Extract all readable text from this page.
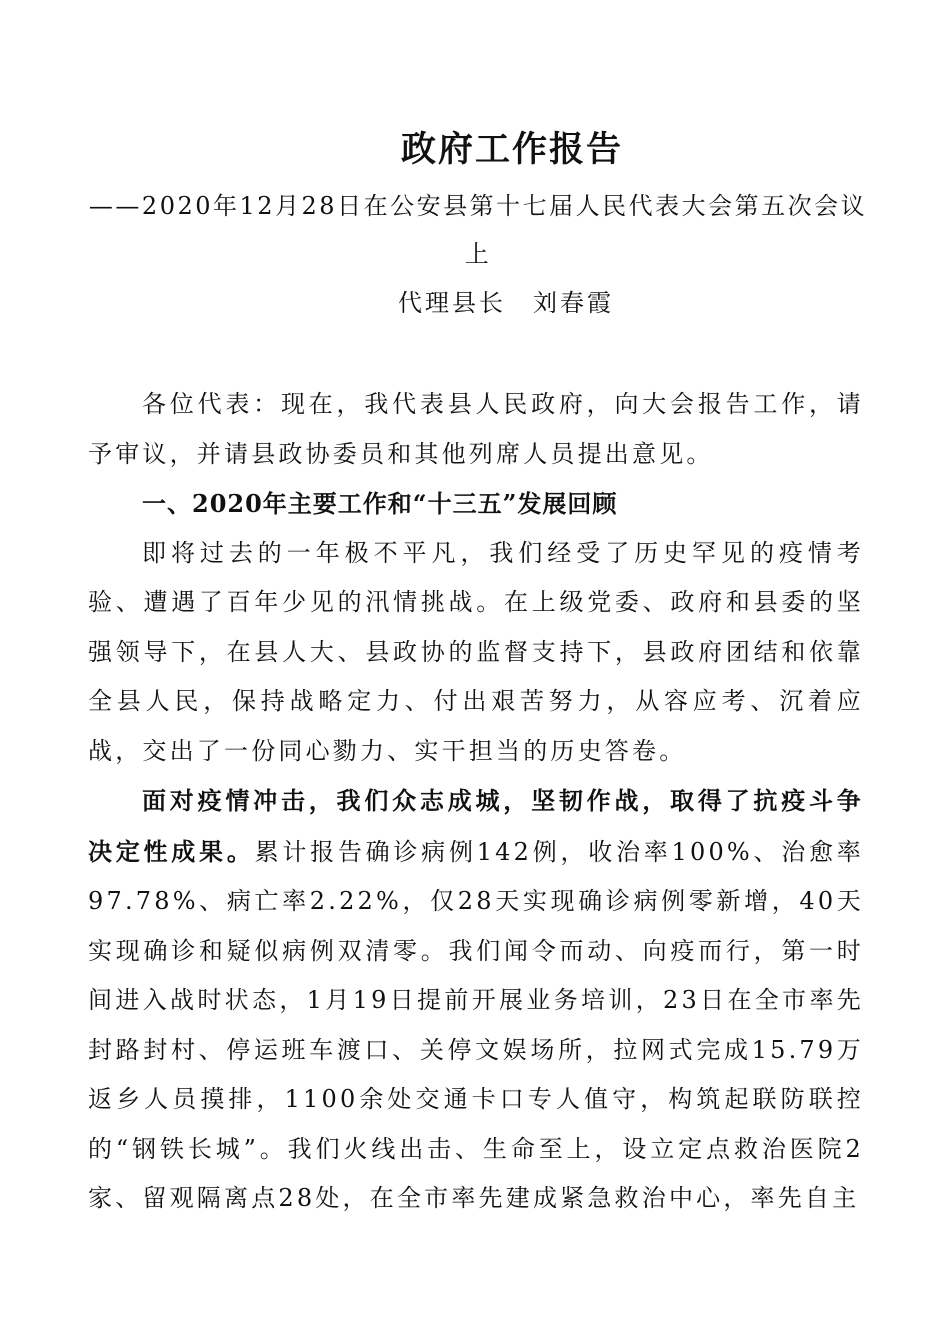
政府工作报告

——2020年12月28日在公安县第十七届人民代表大会第五次会议上

代理县长　刘春霞

各位代表：现在，我代表县人民政府，向大会报告工作，请予审议，并请县政协委员和其他列席人员提出意见。

一、2020年主要工作和“十三五”发展回顾

即将过去的一年极不平凡，我们经受了历史罕见的疫情考验、遭遇了百年少见的汛情挑战。在上级党委、政府和县委的坚强领导下，在县人大、县政协的监督支持下，县政府团结和依靠全县人民，保持战略定力、付出艰苦努力，从容应考、沉着应战，交出了一份同心勠力、实干担当的历史答卷。

面对疫情冲击，我们众志成城，坚韧作战，取得了抗疫斗争决定性成果。累计报告确诊病例142例，收治率100%、治愈率97.78%、病亡率2.22%，仅28天实现确诊病例零新增，40天实现确诊和疑似病例双清零。我们闻令而动、向疫而行，第一时间进入战时状态，1月19日提前开展业务培训，23日在全市率先封路封村、停运班车渡口、关停文娱场所，拉网式完成15.79万返乡人员摸排，1100余处交通卡口专人值守，构筑起联防联控的“钢铁长城”。我们火线出击、生命至上，设立定点救治医院2家、留观隔离点28处，在全市率先建成紧急救治中心，率先自主
